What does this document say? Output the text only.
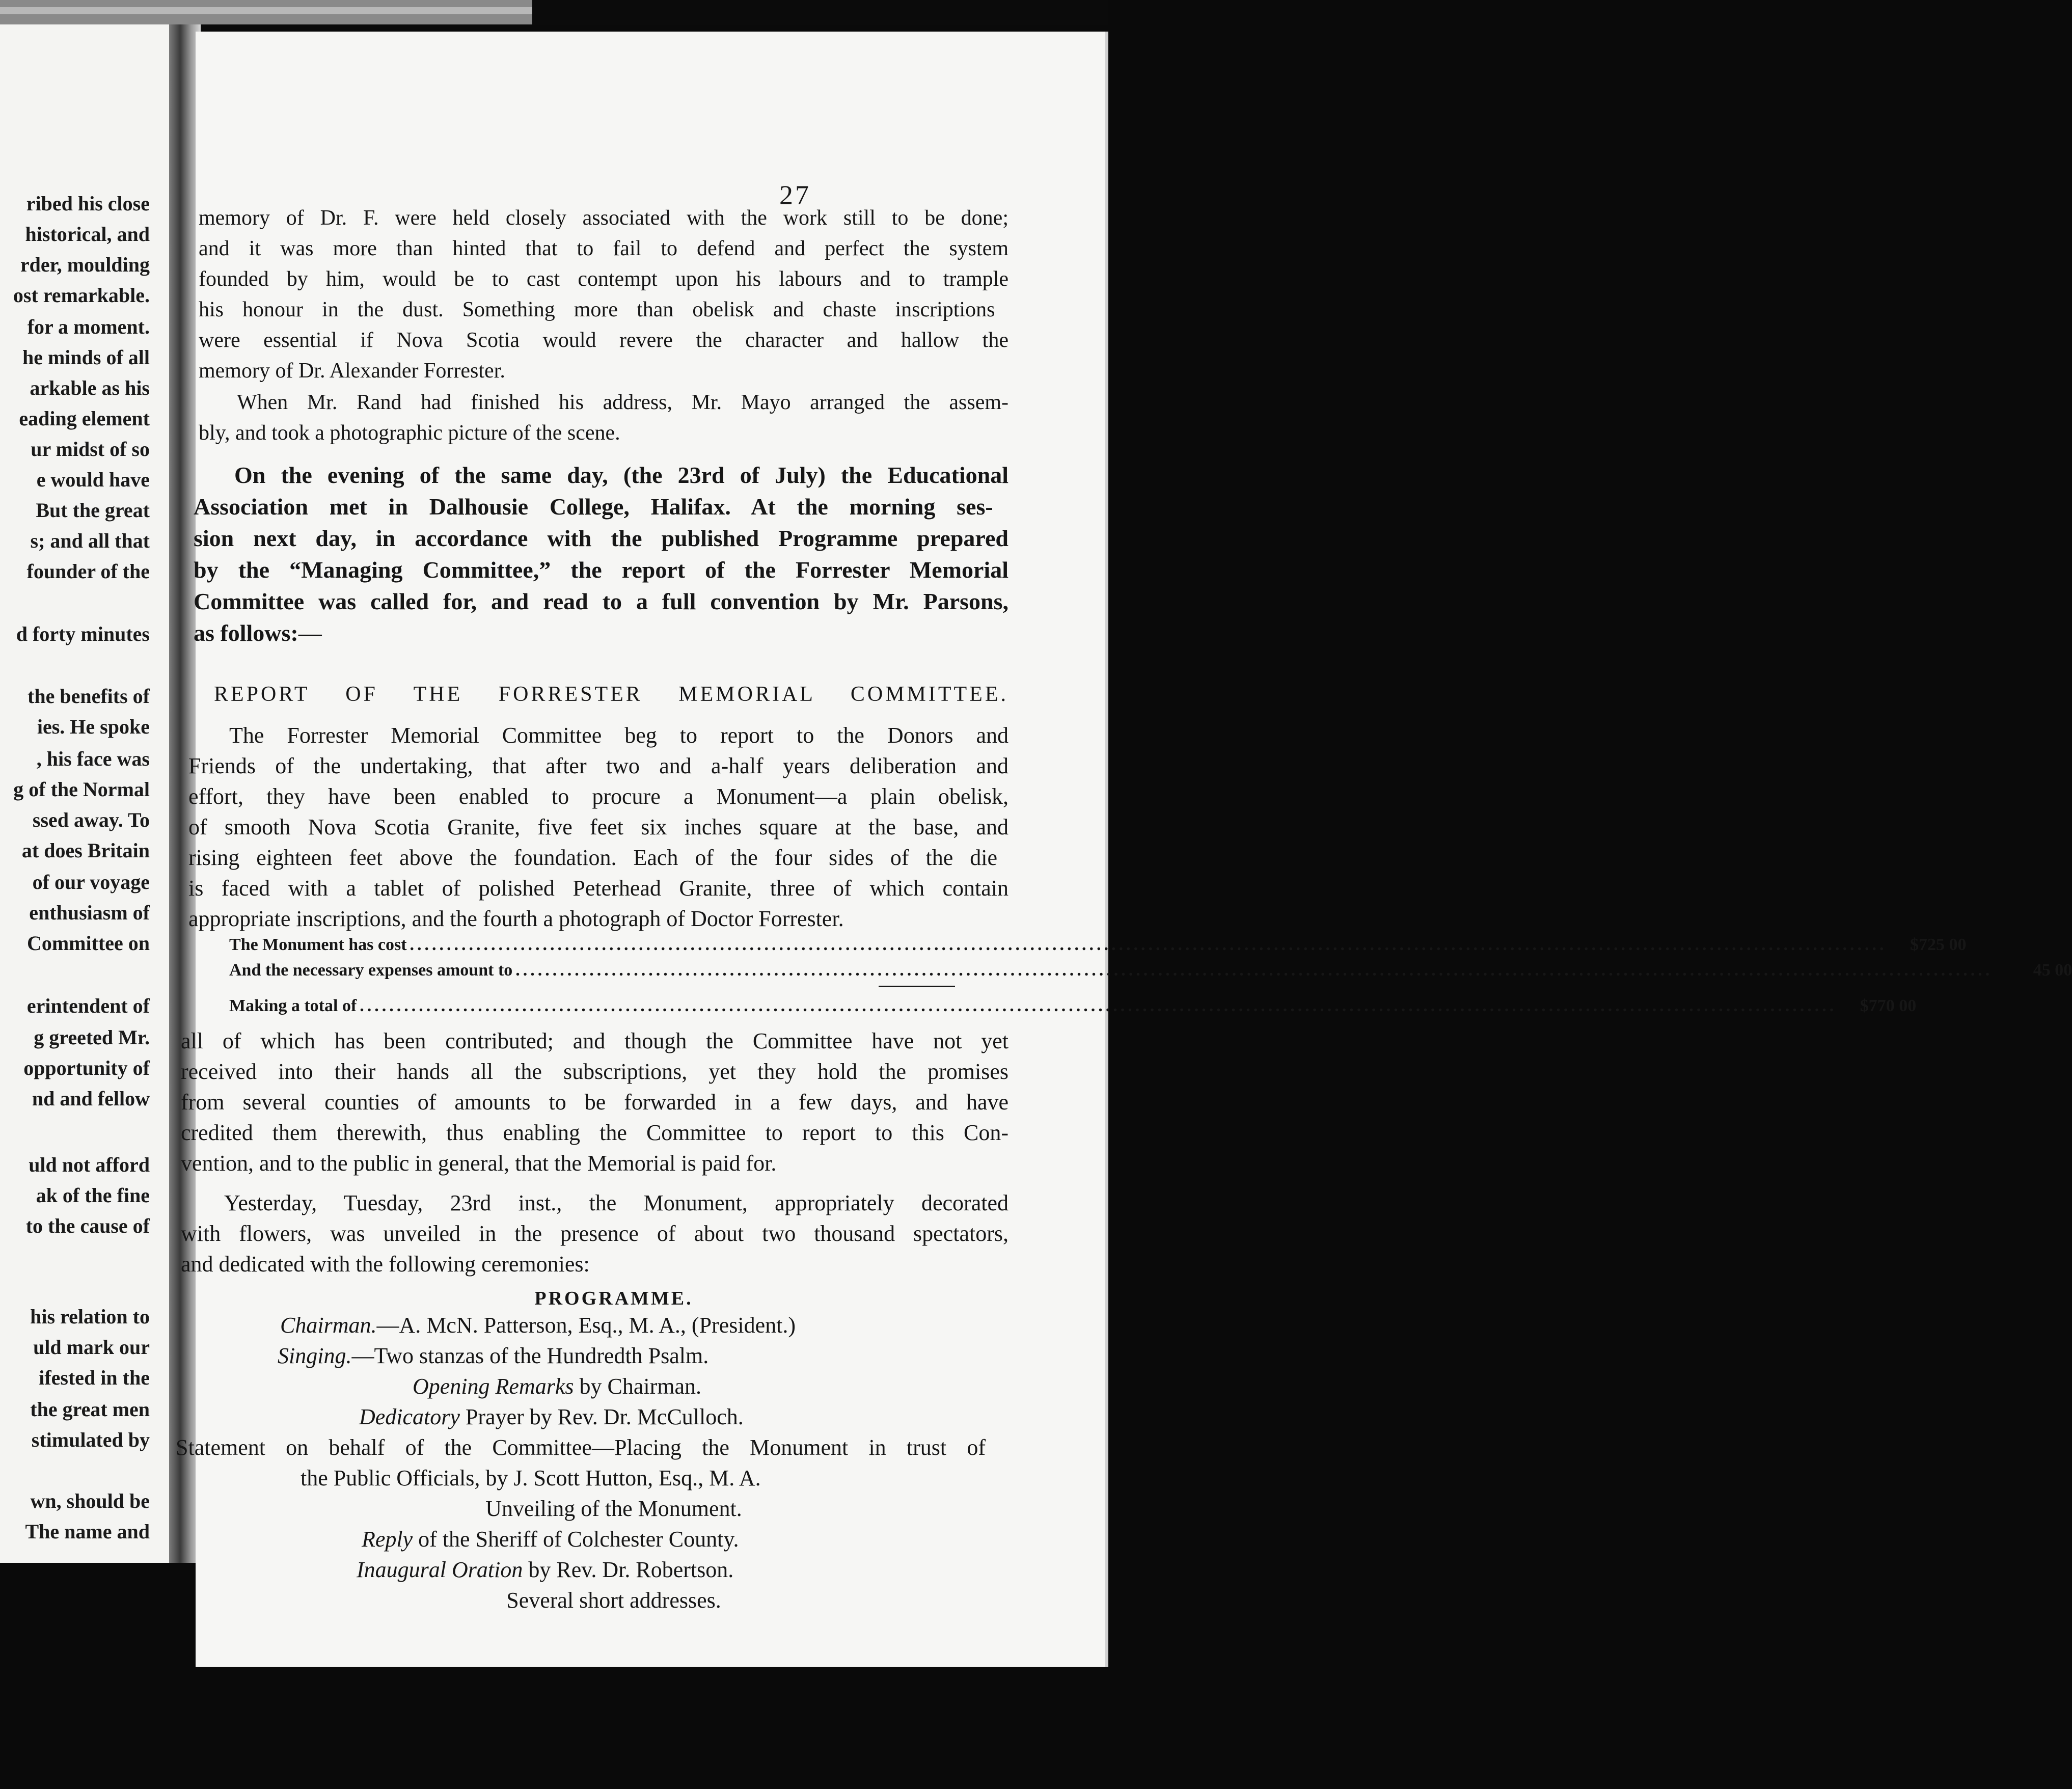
ribed his close
historical, and
rder, moulding
ost remarkable.
for a moment.
he minds of all
arkable as his
eading element
ur midst of so
e would have
But the great
s; and all that
founder of the
d forty minutes
the benefits of
ies. He spoke
, his face was
g of the Normal
ssed away. To
at does Britain
of our voyage
enthusiasm of
Committee on
erintendent of
g greeted Mr.
opportunity of
nd and fellow
uld not afford
ak of the fine
to the cause of
his relation to
uld mark our
ifested in the
the great men
stimulated by
wn, should be
The name and
27
memory of Dr. F. were held closely associated with the work still to be done;
and it was more than hinted that to fail to defend and perfect the system
founded by him, would be to cast contempt upon his labours and to trample
his honour in the dust. Something more than obelisk and chaste inscriptions
were essential if Nova Scotia would revere the character and hallow the
memory of Dr. Alexander Forrester.
When Mr. Rand had finished his address, Mr. Mayo arranged the assem-
bly, and took a photographic picture of the scene.
On the evening of the same day, (the 23rd of July) the Educational
Association met in Dalhousie College, Halifax. At the morning ses-
sion next day, in accordance with the published Programme prepared
by the “Managing Committee,” the report of the Forrester Memorial
Committee was called for, and read to a full convention by Mr. Parsons,
as follows:—
REPORT OF THE FORRESTER MEMORIAL COMMITTEE.
The Forrester Memorial Committee beg to report to the Donors and
Friends of the undertaking, that after two and a-half years deliberation and
effort, they have been enabled to procure a Monument—a plain obelisk,
of smooth Nova Scotia Granite, five feet six inches square at the base, and
rising eighteen feet above the foundation. Each of the four sides of the die
is faced with a tablet of polished Peterhead Granite, three of which contain
appropriate inscriptions, and the fourth a photograph of Doctor Forrester.
The Monument has cost ........................................................................................................................................................................................................	$725 00
And the necessary expenses amount to ........................................................................................................................................................................................................	45 00
Making a total of ........................................................................................................................................................................................................	$770 00
all of which has been contributed; and though the Committee have not yet
received into their hands all the subscriptions, yet they hold the promises
from several counties of amounts to be forwarded in a few days, and have
credited them therewith, thus enabling the Committee to report to this Con-
vention, and to the public in general, that the Memorial is paid for.
Yesterday, Tuesday, 23rd inst., the Monument, appropriately decorated
with flowers, was unveiled in the presence of about two thousand spectators,
and dedicated with the following ceremonies:
PROGRAMME.
Chairman.—A. McN. Patterson, Esq., M. A., (President.)
Singing.—Two stanzas of the Hundredth Psalm.
Opening Remarks by Chairman.
Dedicatory Prayer by Rev. Dr. McCulloch.
Statement on behalf of the Committee—Placing the Monument in trust of
the Public Officials, by J. Scott Hutton, Esq., M. A.
Unveiling of the Monument.
Reply of the Sheriff of Colchester County.
Inaugural Oration by Rev. Dr. Robertson.
Several short addresses.
